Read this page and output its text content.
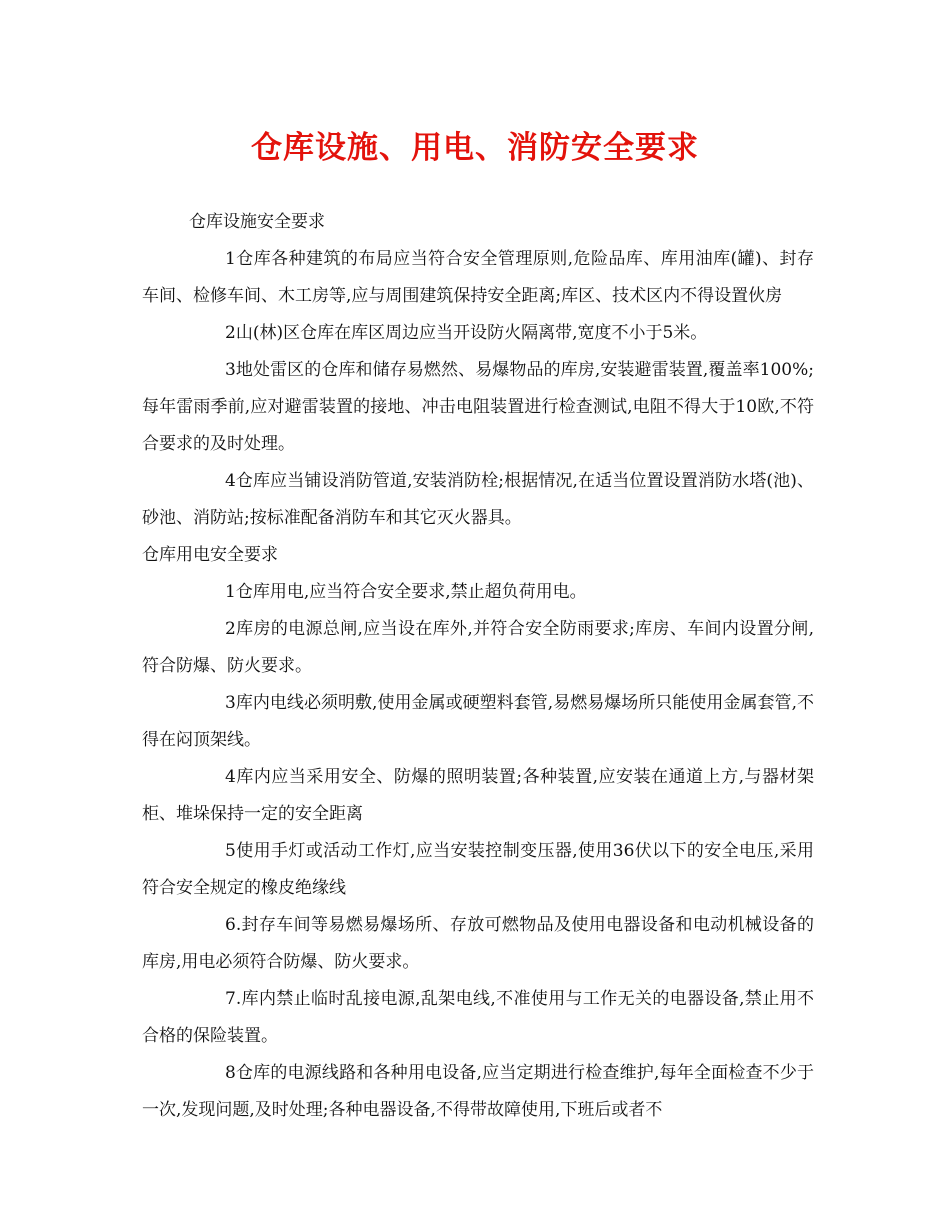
仓库设施、用电、消防安全要求

仓库设施安全要求

1仓库各种建筑的布局应当符合安全管理原则,危险品库、库用油库(罐)、封存车间、检修车间、木工房等,应与周围建筑保持安全距离;库区、技术区内不得设置伙房

2山(林)区仓库在库区周边应当开设防火隔离带,宽度不小于5米。

3地处雷区的仓库和储存易燃然、易爆物品的库房,安装避雷装置,覆盖率100%;每年雷雨季前,应对避雷装置的接地、冲击电阻装置进行检查测试,电阻不得大于10欧,不符合要求的及时处理。

4仓库应当铺设消防管道,安装消防栓;根据情况,在适当位置设置消防水塔(池)、砂池、消防站;按标准配备消防车和其它灭火器具。

仓库用电安全要求

1仓库用电,应当符合安全要求,禁止超负荷用电。

2库房的电源总闸,应当设在库外,并符合安全防雨要求;库房、车间内设置分闸,符合防爆、防火要求。

3库内电线必须明敷,使用金属或硬塑料套管,易燃易爆场所只能使用金属套管,不得在闷顶架线。

4库内应当采用安全、防爆的照明装置;各种装置,应安装在通道上方,与器材架柜、堆垛保持一定的安全距离

5使用手灯或活动工作灯,应当安装控制变压器,使用36伏以下的安全电压,采用符合安全规定的橡皮绝缘线

6.封存车间等易燃易爆场所、存放可燃物品及使用电器设备和电动机械设备的库房,用电必须符合防爆、防火要求。

7.库内禁止临时乱接电源,乱架电线,不准使用与工作无关的电器设备,禁止用不合格的保险装置。

8仓库的电源线路和各种用电设备,应当定期进行检查维护,每年全面检查不少于一次,发现问题,及时处理;各种电器设备,不得带故障使用,下班后或者不
